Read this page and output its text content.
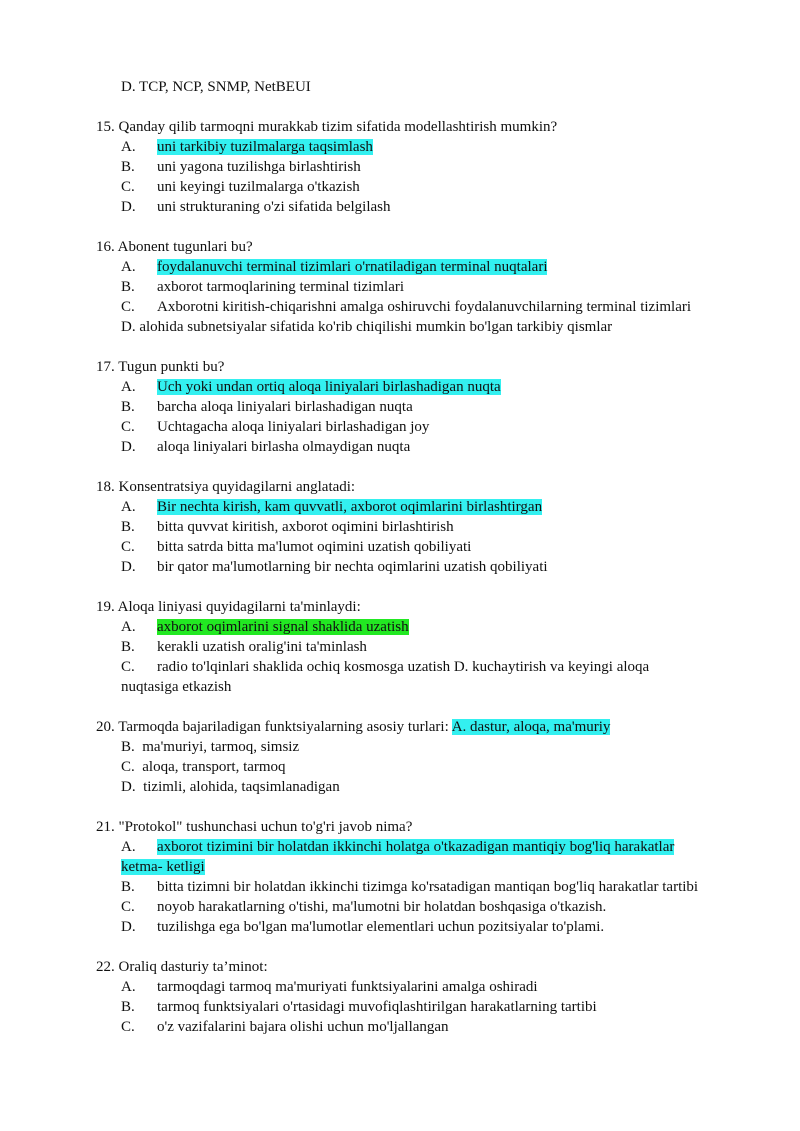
D. TCP, NCP, SNMP, NetBEUI
15. Qanday qilib tarmoqni murakkab tizim sifatida modellashtirish mumkin?
A. uni tarkibiy tuzilmalarga taqsimlash
B. uni yagona tuzilishga birlashtirish
C. uni keyingi tuzilmalarga o'tkazish
D. uni strukturaning o'zi sifatida belgilash
16. Abonent tugunlari bu?
A. foydalanuvchi terminal tizimlari o'rnatiladigan terminal nuqtalari
B. axborot tarmoqlarining terminal tizimlari
C. Axborotni kiritish-chiqarishni amalga oshiruvchi foydalanuvchilarning terminal tizimlari
D. alohida subnetsiyalar sifatida ko'rib chiqilishi mumkin bo'lgan tarkibiy qismlar
17. Tugun punkti bu?
A. Uch yoki undan ortiq aloqa liniyalari birlashadigan nuqta
B. barcha aloqa liniyalari birlashadigan nuqta
C. Uchtagacha aloqa liniyalari birlashadigan joy
D. aloqa liniyalari birlasha olmaydigan nuqta
18. Konsentratsiya quyidagilarni anglatadi:
A. Bir nechta kirish, kam quvvatli, axborot oqimlarini birlashtirgan
B. bitta quvvat kiritish, axborot oqimini birlashtirish
C. bitta satrda bitta ma'lumot oqimini uzatish qobiliyati
D. bir qator ma'lumotlarning bir nechta oqimlarini uzatish qobiliyati
19. Aloqa liniyasi quyidagilarni ta'minlaydi:
A. axborot oqimlarini signal shaklida uzatish
B. kerakli uzatish oralig'ini ta'minlash
C. radio to'lqinlari shaklida ochiq kosmosga uzatish D. kuchaytirish va keyingi aloqa
nuqtasiga etkazish
20. Tarmoqda bajariladigan funktsiyalarning asosiy turlari: A. dastur, aloqa, ma'muriy
B. ma'muriyi, tarmoq, simsiz
C. aloqa, transport, tarmoq
D. tizimli, alohida, taqsimlanadigan
21. "Protokol" tushunchasi uchun to'g'ri javob nima?
A. axborot tizimini bir holatdan ikkinchi holatga o'tkazadigan mantiqiy bog'liq harakatlar
ketma- ketligi
B. bitta tizimni bir holatdan ikkinchi tizimga ko'rsatadigan mantiqan bog'liq harakatlar tartibi
C. noyob harakatlarning o'tishi, ma'lumotni bir holatdan boshqasiga o'tkazish.
D. tuzilishga ega bo'lgan ma'lumotlar elementlari uchun pozitsiyalar to'plami.
22. Oraliq dasturiy ta’minot:
A. tarmoqdagi tarmoq ma'muriyati funktsiyalarini amalga oshiradi
B. tarmoq funktsiyalari o'rtasidagi muvofiqlashtirilgan harakatlarning tartibi
C. o'z vazifalarini bajara olishi uchun mo'ljallangan
